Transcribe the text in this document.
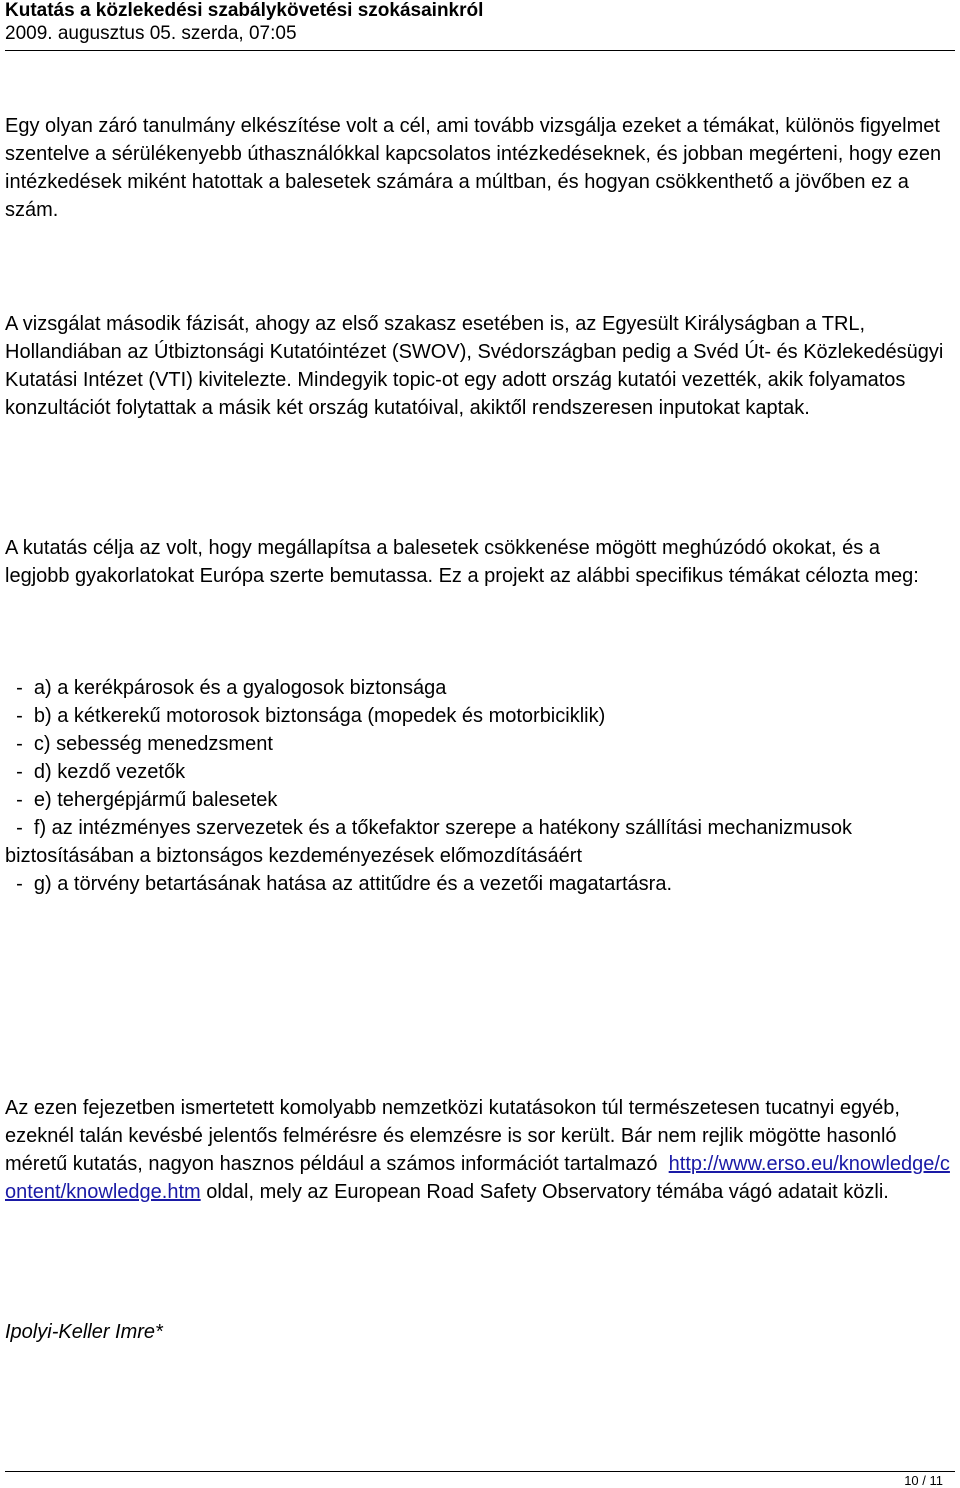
Kutatás a közlekedési szabálykövetési szokásainkról
2009. augusztus 05. szerda, 07:05

Egy olyan záró tanulmány elkészítése volt a cél, ami tovább vizsgálja ezeket a témákat, különös figyelmet szentelve a sérülékenyebb úthasználókkal kapcsolatos intézkedéseknek, és jobban megérteni, hogy ezen intézkedések miként hatottak a balesetek számára a múltban, és hogyan csökkenthető a jövőben ez a szám.

A vizsgálat második fázisát, ahogy az első szakasz esetében is, az Egyesült Királyságban a TRL, Hollandiában az Útbiztonsági Kutatóintézet (SWOV), Svédországban pedig a Svéd Út- és Közlekedésügyi Kutatási Intézet (VTI) kivitelezte. Mindegyik topic-ot egy adott ország kutatói vezették, akik folyamatos konzultációt folytattak a másik két ország kutatóival, akiktől rendszeresen inputokat kaptak.

A kutatás célja az volt, hogy megállapítsa a balesetek csökkenése mögött meghúzódó okokat, és a legjobb gyakorlatokat Európa szerte bemutassa. Ez a projekt az alábbi specifikus témákat célozta meg:

-  a) a kerékpárosok és a gyalogosok biztonsága
-  b) a kétkerekű motorosok biztonsága (mopedek és motorbiciklik)
-  c) sebesség menedzsment
-  d) kezdő vezetők
-  e) tehergépjármű balesetek
-  f) az intézményes szervezetek és a tőkefaktor szerepe a hatékony szállítási mechanizmusok biztosításában a biztonságos kezdeményezések előmozdításáért
-  g) a törvény betartásának hatása az attitűdre és a vezetői magatartásra.

Az ezen fejezetben ismertetett komolyabb nemzetközi kutatásokon túl természetesen tucatnyi egyéb, ezeknél talán kevésbé jelentős felmérésre és elemzésre is sor került. Bár nem rejlik mögötte hasonló méretű kutatás, nagyon hasznos például a számos információt tartalmazó  http://www.erso.eu/knowledge/content/knowledge.htm oldal, mely az European Road Safety Observatory témába vágó adatait közli.

Ipolyi-Keller Imre*

10 / 11
